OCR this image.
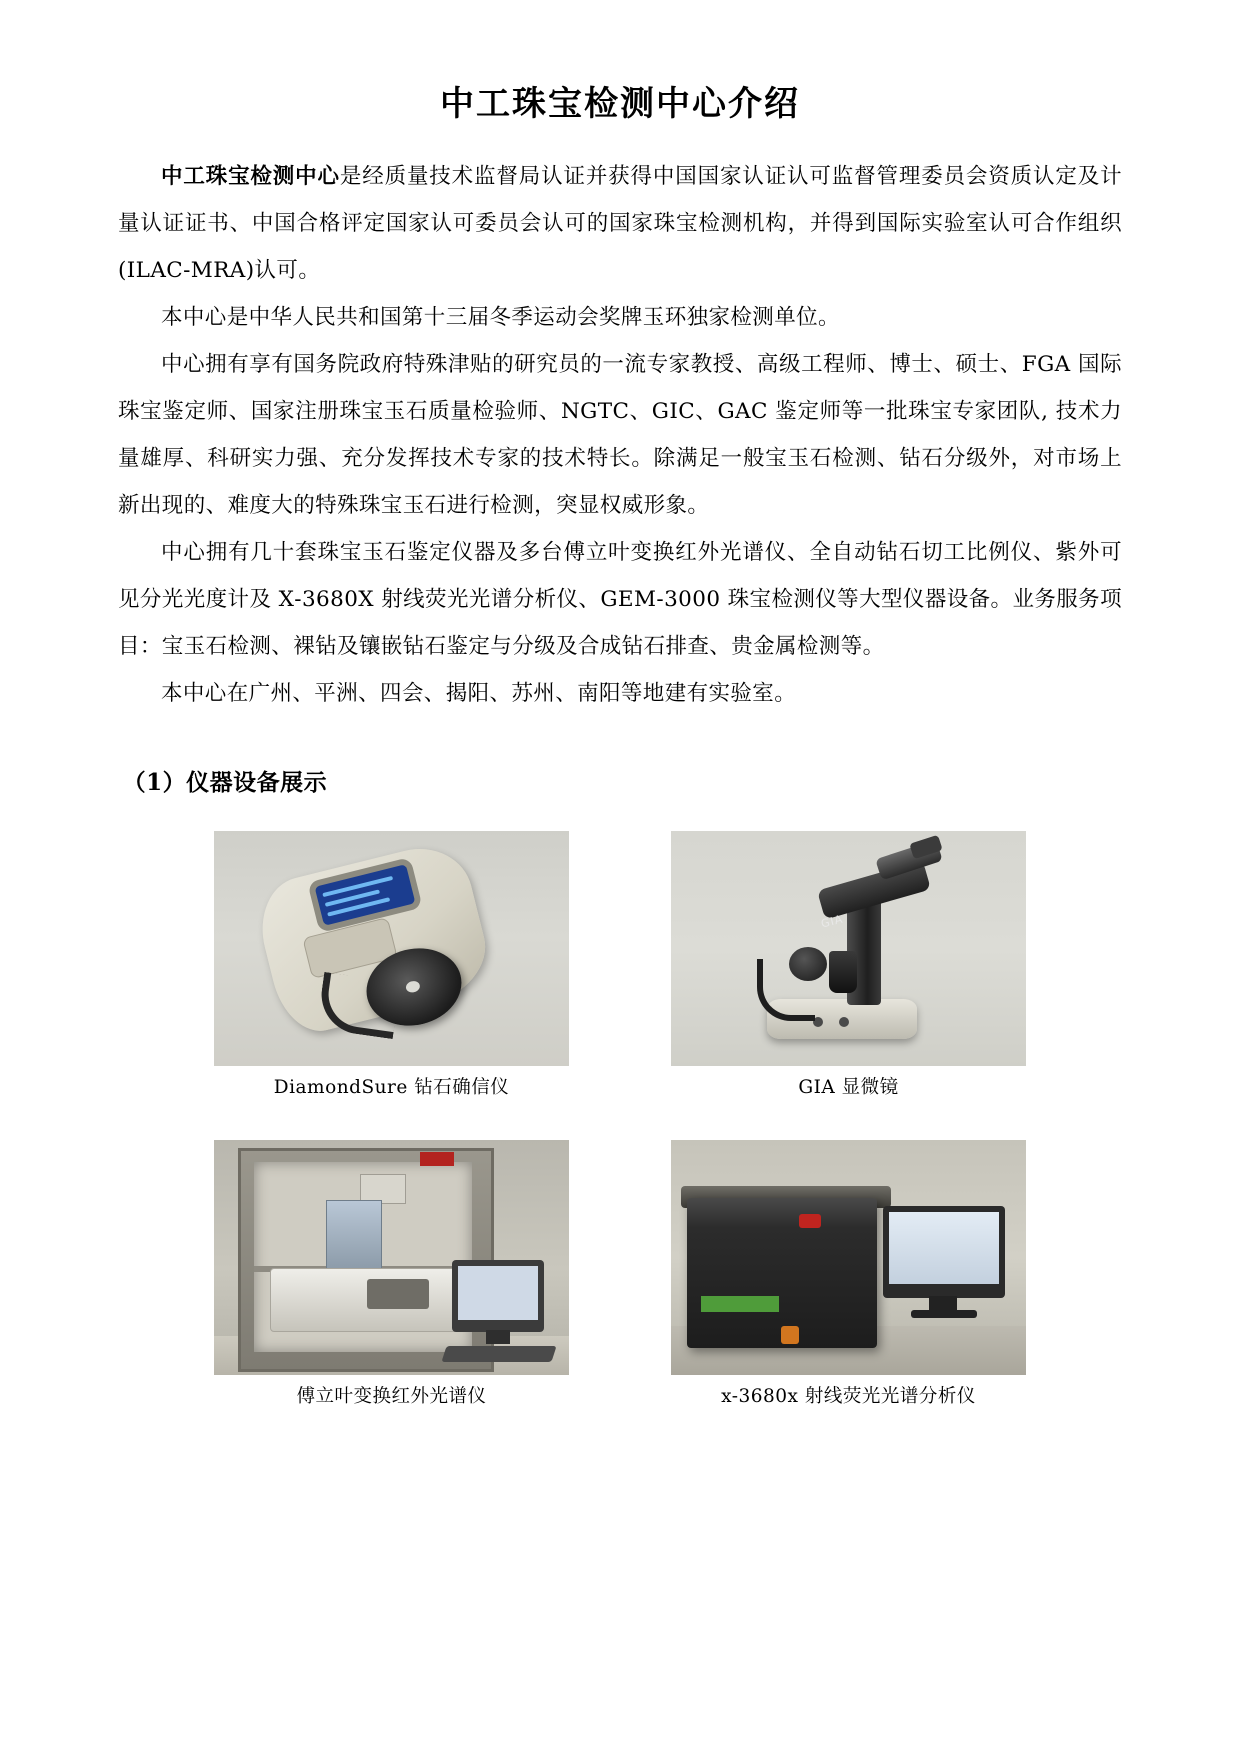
中工珠宝检测中心介绍

中工珠宝检测中心是经质量技术监督局认证并获得中国国家认证认可监督管理委员会资质认定及计量认证证书、中国合格评定国家认可委员会认可的国家珠宝检测机构，并得到国际实验室认可合作组织(ILAC-MRA)认可。

本中心是中华人民共和国第十三届冬季运动会奖牌玉环独家检测单位。

中心拥有享有国务院政府特殊津贴的研究员的一流专家教授、高级工程师、博士、硕士、FGA 国际珠宝鉴定师、国家注册珠宝玉石质量检验师、NGTC、GIC、GAC 鉴定师等一批珠宝专家团队, 技术力量雄厚、科研实力强、充分发挥技术专家的技术特长。除满足一般宝玉石检测、钻石分级外，对市场上新出现的、难度大的特殊珠宝玉石进行检测，突显权威形象。

中心拥有几十套珠宝玉石鉴定仪器及多台傅立叶变换红外光谱仪、全自动钻石切工比例仪、紫外可见分光光度计及 X‑3680X 射线荧光光谱分析仪、GEM‑3000 珠宝检测仪等大型仪器设备。业务服务项目：宝玉石检测、裸钻及镶嵌钻石鉴定与分级及合成钻石排查、贵金属检测等。

本中心在广州、平洲、四会、揭阳、苏州、南阳等地建有实验室。

（1）仪器设备展示
DiamondSure 钻石确信仪
GIA
GIA 显微镜
傅立叶变换红外光谱仪	x-3680x 射线荧光光谱分析仪
